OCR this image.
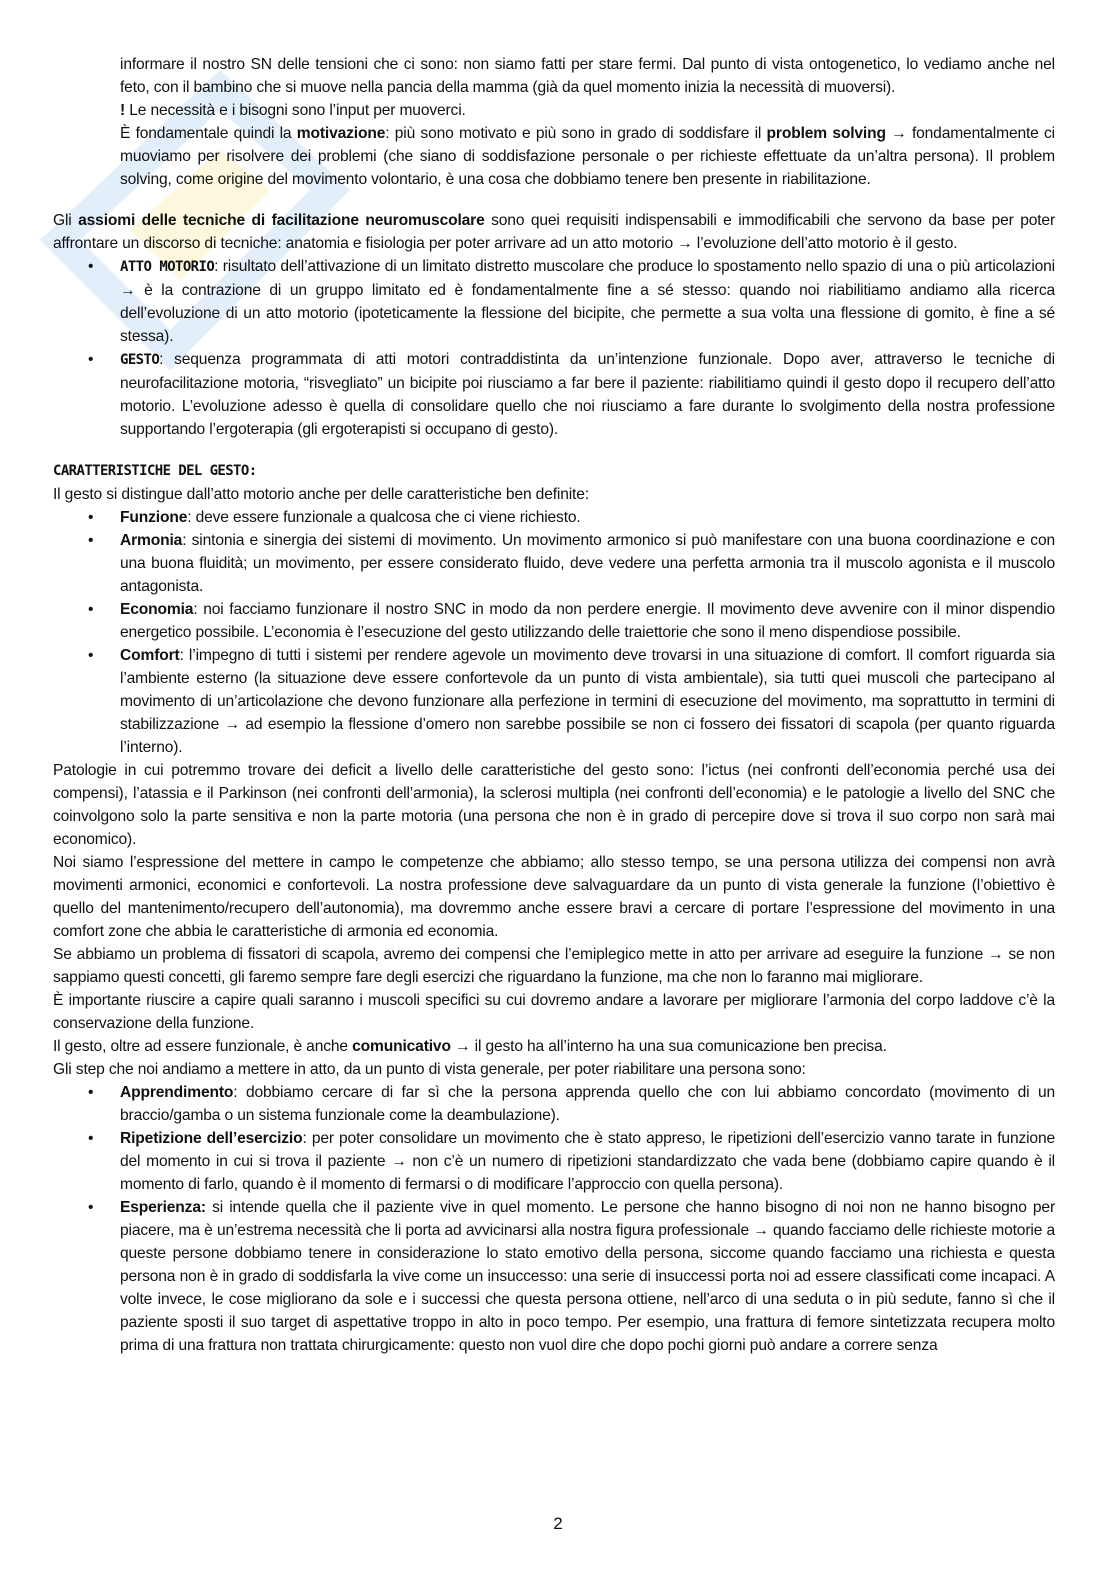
informare il nostro SN delle tensioni che ci sono: non siamo fatti per stare fermi. Dal punto di vista ontogenetico, lo vediamo anche nel feto, con il bambino che si muove nella pancia della mamma (già da quel momento inizia la necessità di muoversi).
! Le necessità e i bisogni sono l’input per muoverci.
È fondamentale quindi la motivazione: più sono motivato e più sono in grado di soddisfare il problem solving → fondamentalmente ci muoviamo per risolvere dei problemi (che siano di soddisfazione personale o per richieste effettuate da un’altra persona). Il problem solving, come origine del movimento volontario, è una cosa che dobbiamo tenere ben presente in riabilitazione.
Gli assiomi delle tecniche di facilitazione neuromuscolare sono quei requisiti indispensabili e immodificabili che servono da base per poter affrontare un discorso di tecniche: anatomia e fisiologia per poter arrivare ad un atto motorio → l’evoluzione dell’atto motorio è il gesto.
• ATTO MOTORIO: risultato dell’attivazione di un limitato distretto muscolare che produce lo spostamento nello spazio di una o più articolazioni → è la contrazione di un gruppo limitato ed è fondamentalmente fine a sé stesso: quando noi riabilitiamo andiamo alla ricerca dell’evoluzione di un atto motorio (ipoteticamente la flessione del bicipite, che permette a sua volta una flessione di gomito, è fine a sé stessa).
• GESTO: sequenza programmata di atti motori contraddistinta da un’intenzione funzionale. Dopo aver, attraverso le tecniche di neurofacilitazione motoria, “risvegliato” un bicipite poi riusciamo a far bere il paziente: riabilitiamo quindi il gesto dopo il recupero dell’atto motorio. L’evoluzione adesso è quella di consolidare quello che noi riusciamo a fare durante lo svolgimento della nostra professione supportando l’ergoterapia (gli ergoterapisti si occupano di gesto).
CARATTERISTICHE DEL GESTO:
Il gesto si distingue dall’atto motorio anche per delle caratteristiche ben definite:
• Funzione: deve essere funzionale a qualcosa che ci viene richiesto.
• Armonia: sintonia e sinergia dei sistemi di movimento. Un movimento armonico si può manifestare con una buona coordinazione e con una buona fluidità; un movimento, per essere considerato fluido, deve vedere una perfetta armonia tra il muscolo agonista e il muscolo antagonista.
• Economia: noi facciamo funzionare il nostro SNC in modo da non perdere energie. Il movimento deve avvenire con il minor dispendio energetico possibile. L’economia è l’esecuzione del gesto utilizzando delle traiettorie che sono il meno dispendiose possibile.
• Comfort: l’impegno di tutti i sistemi per rendere agevole un movimento deve trovarsi in una situazione di comfort. Il comfort riguarda sia l’ambiente esterno (la situazione deve essere confortevole da un punto di vista ambientale), sia tutti quei muscoli che partecipano al movimento di un’articolazione che devono funzionare alla perfezione in termini di esecuzione del movimento, ma soprattutto in termini di stabilizzazione → ad esempio la flessione d’omero non sarebbe possibile se non ci fossero dei fissatori di scapola (per quanto riguarda l’interno).
Patologie in cui potremmo trovare dei deficit a livello delle caratteristiche del gesto sono: l’ictus (nei confronti dell’economia perché usa dei compensi), l’atassia e il Parkinson (nei confronti dell’armonia), la sclerosi multipla (nei confronti dell’economia) e le patologie a livello del SNC che coinvolgono solo la parte sensitiva e non la parte motoria (una persona che non è in grado di percepire dove si trova il suo corpo non sarà mai economico).
Noi siamo l’espressione del mettere in campo le competenze che abbiamo; allo stesso tempo, se una persona utilizza dei compensi non avrà movimenti armonici, economici e confortevoli. La nostra professione deve salvaguardare da un punto di vista generale la funzione (l’obiettivo è quello del mantenimento/recupero dell’autonomia), ma dovremmo anche essere bravi a cercare di portare l’espressione del movimento in una comfort zone che abbia le caratteristiche di armonia ed economia.
Se abbiamo un problema di fissatori di scapola, avremo dei compensi che l’emiplegico mette in atto per arrivare ad eseguire la funzione → se non sappiamo questi concetti, gli faremo sempre fare degli esercizi che riguardano la funzione, ma che non lo faranno mai migliorare.
È importante riuscire a capire quali saranno i muscoli specifici su cui dovremo andare a lavorare per migliorare l’armonia del corpo laddove c’è la conservazione della funzione.
Il gesto, oltre ad essere funzionale, è anche comunicativo → il gesto ha all’interno ha una sua comunicazione ben precisa.
Gli step che noi andiamo a mettere in atto, da un punto di vista generale, per poter riabilitare una persona sono:
• Apprendimento: dobbiamo cercare di far sì che la persona apprenda quello che con lui abbiamo concordato (movimento di un braccio/gamba o un sistema funzionale come la deambulazione).
• Ripetizione dell’esercizio: per poter consolidare un movimento che è stato appreso, le ripetizioni dell’esercizio vanno tarate in funzione del momento in cui si trova il paziente → non c’è un numero di ripetizioni standardizzato che vada bene (dobbiamo capire quando è il momento di farlo, quando è il momento di fermarsi o di modificare l’approccio con quella persona).
• Esperienza: si intende quella che il paziente vive in quel momento. Le persone che hanno bisogno di noi non ne hanno bisogno per piacere, ma è un’estrema necessità che li porta ad avvicinarsi alla nostra figura professionale → quando facciamo delle richieste motorie a queste persone dobbiamo tenere in considerazione lo stato emotivo della persona, siccome quando facciamo una richiesta e questa persona non è in grado di soddisfarla la vive come un insuccesso: una serie di insuccessi porta noi ad essere classificati come incapaci. A volte invece, le cose migliorano da sole e i successi che questa persona ottiene, nell’arco di una seduta o in più sedute, fanno sì che il paziente sposti il suo target di aspettative troppo in alto in poco tempo. Per esempio, una frattura di femore sintetizzata recupera molto prima di una frattura non trattata chirurgicamente: questo non vuol dire che dopo pochi giorni può andare a correre senza
2
